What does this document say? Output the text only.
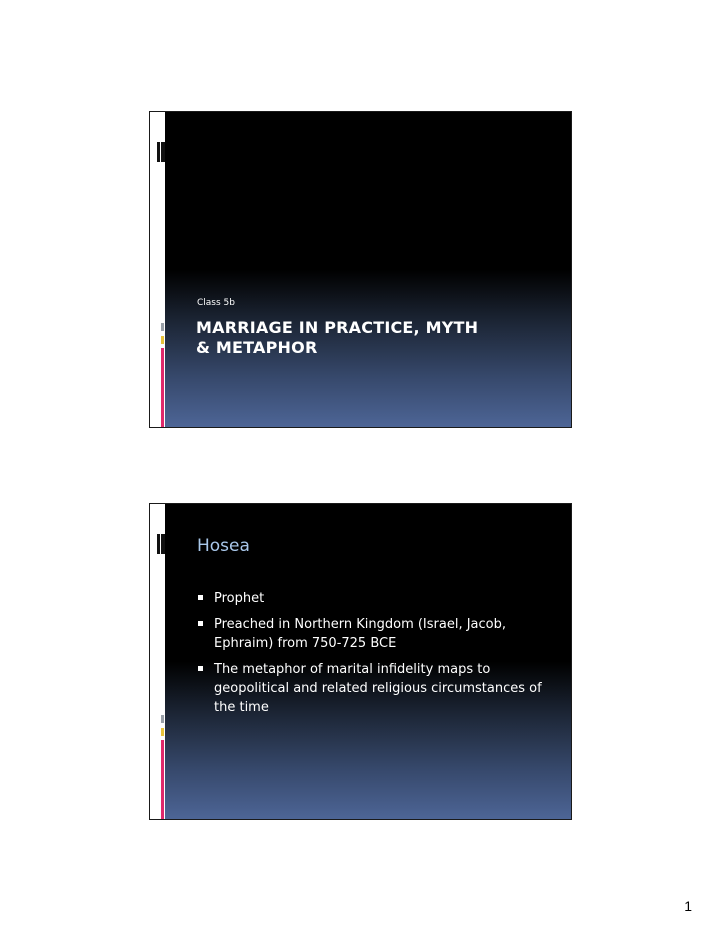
Class 5b
MARRIAGE IN PRACTICE, MYTH
& METAPHOR
Hosea
Prophet
Preached in Northern Kingdom (Israel, Jacob, Ephraim) from 750-725 BCE
The metaphor of marital infidelity maps to geopolitical and related religious circumstances of the time
1
